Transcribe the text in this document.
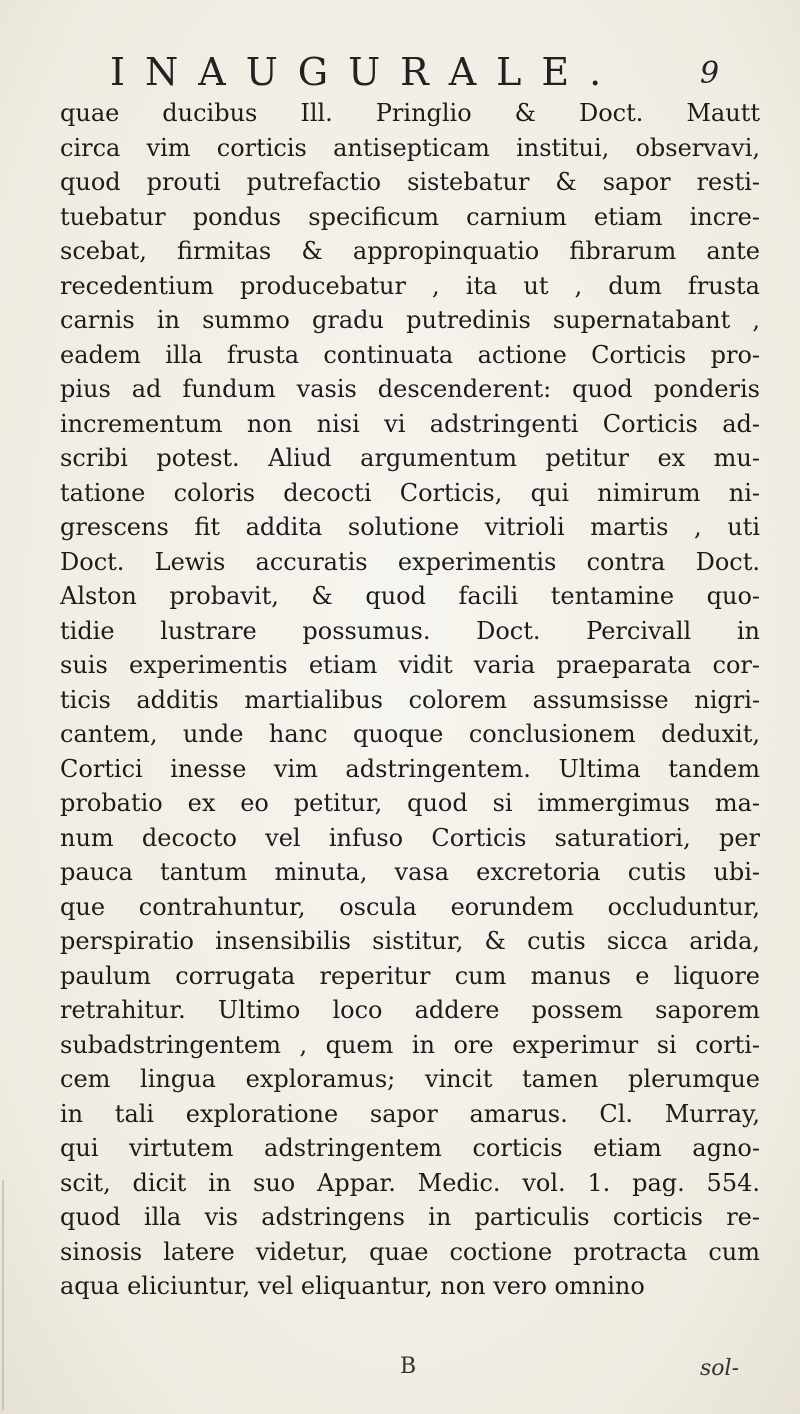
INAUGURALE.	9
quae ducibus Ill. Pringlio & Doct. Mautt
circa vim corticis antisepticam institui, observavi,
quod prouti putrefactio sistebatur & sapor resti-
tuebatur pondus specificum carnium etiam incre-
scebat, firmitas & appropinquatio fibrarum ante
recedentium producebatur , ita ut , dum frusta
carnis in summo gradu putredinis supernatabant ,
eadem illa frusta continuata actione Corticis pro-
pius ad fundum vasis descenderent: quod ponderis
incrementum non nisi vi adstringenti Corticis ad-
scribi potest. Aliud argumentum petitur ex mu-
tatione coloris decocti Corticis, qui nimirum ni-
grescens fit addita solutione vitrioli martis , uti
Doct. Lewis accuratis experimentis contra Doct.
Alston probavit, & quod facili tentamine quo-
tidie lustrare possumus. Doct. Percivall in
suis experimentis etiam vidit varia praeparata cor-
ticis additis martialibus colorem assumsisse nigri-
cantem, unde hanc quoque conclusionem deduxit,
Cortici inesse vim adstringentem. Ultima tandem
probatio ex eo petitur, quod si immergimus ma-
num decocto vel infuso Corticis saturatiori, per
pauca tantum minuta, vasa excretoria cutis ubi-
que contrahuntur, oscula eorundem occluduntur,
perspiratio insensibilis sistitur, & cutis sicca arida,
paulum corrugata reperitur cum manus e liquore
retrahitur. Ultimo loco addere possem saporem
subadstringentem , quem in ore experimur si corti-
cem lingua exploramus; vincit tamen plerumque
in tali exploratione sapor amarus. Cl. Murray,
qui virtutem adstringentem corticis etiam agno-
scit, dicit in suo Appar. Medic. vol. 1. pag. 554.
quod illa vis adstringens in particulis corticis re-
sinosis latere videtur, quae coctione protracta cum
aqua eliciuntur, vel eliquantur, non vero omnino
B	sol-
